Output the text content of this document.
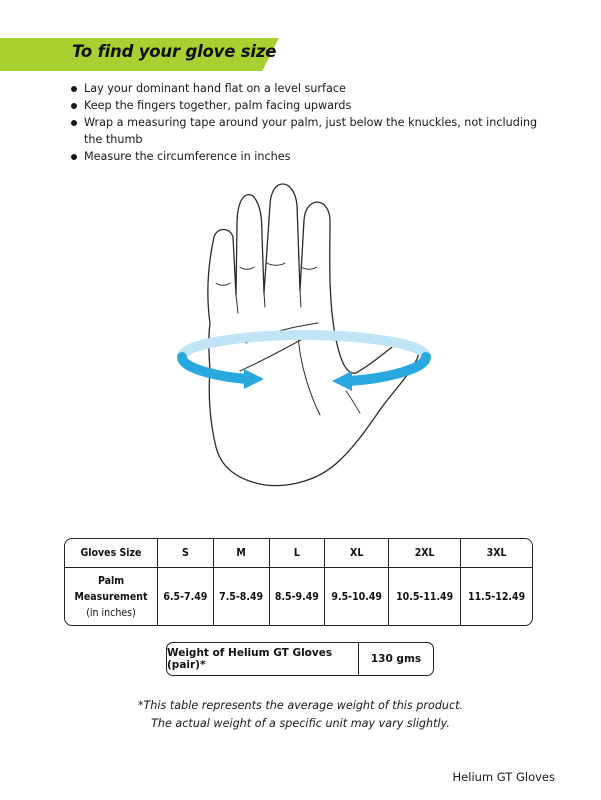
To find your glove size
Lay your dominant hand flat on a level surface
Keep the fingers together, palm facing upwards
Wrap a measuring tape around your palm, just below the knuckles, not including the thumb
Measure the circumference in inches
Gloves Size	S	M	L	XL	2XL	3XL

Palm
Measurement
(in inches)	6.5-7.49	7.5-8.49	8.5-9.49	9.5-10.49	10.5-11.49	11.5-12.49
Weight of Helium GT Gloves (pair)*	130 gms
*This table represents the average weight of this product.
The actual weight of a specific unit may vary slightly.
Helium GT Gloves
